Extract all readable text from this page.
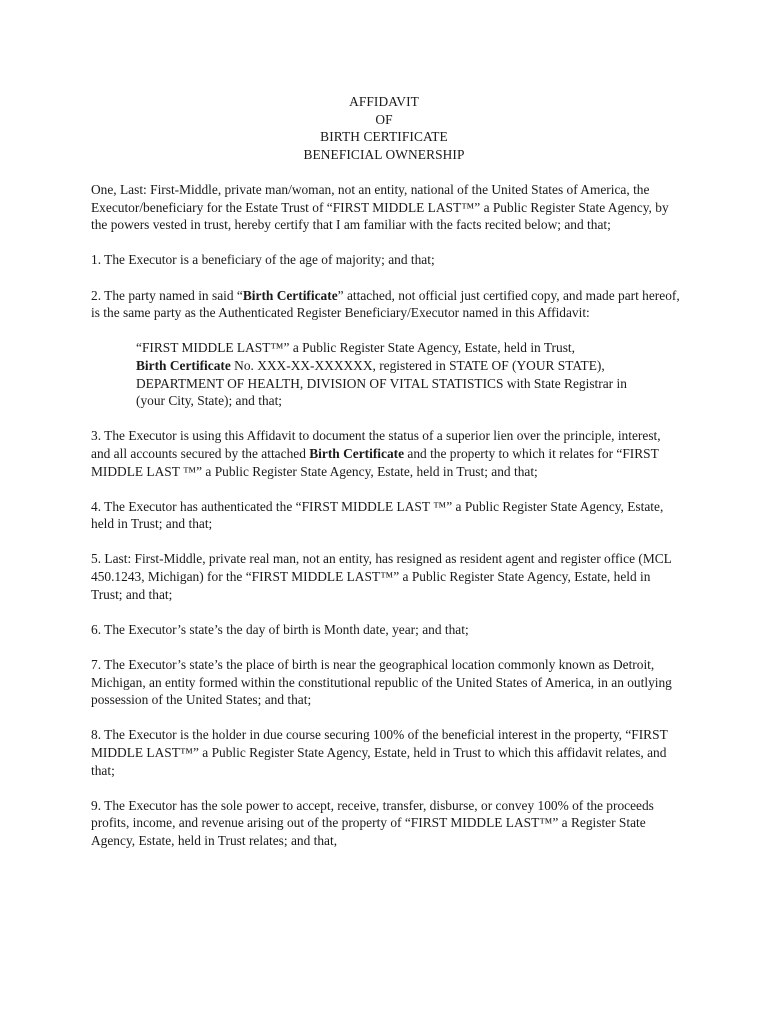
AFFIDAVIT
OF
BIRTH CERTIFICATE
BENEFICIAL OWNERSHIP

One, Last: First-Middle, private man/woman, not an entity, national of the United States of America, the Executor/beneficiary for the Estate Trust of “FIRST MIDDLE LAST™” a Public Register State Agency, by the powers vested in trust, hereby certify that I am familiar with the facts recited below; and that;

1. The Executor is a beneficiary of the age of majority; and that;

2. The party named in said “Birth Certificate” attached, not official just certified copy, and made part hereof, is the same party as the Authenticated Register Beneficiary/Executor named in this Affidavit:

“FIRST MIDDLE LAST™” a Public Register State Agency, Estate, held in Trust,
Birth Certificate No. XXX-XX-XXXXXX, registered in STATE OF (YOUR STATE), DEPARTMENT OF HEALTH, DIVISION OF VITAL STATISTICS with State Registrar in (your City, State); and that;

3. The Executor is using this Affidavit to document the status of a superior lien over the principle, interest, and all accounts secured by the attached Birth Certificate and the property to which it relates for “FIRST MIDDLE LAST ™” a Public Register State Agency, Estate, held in Trust; and that;

4. The Executor has authenticated the “FIRST MIDDLE LAST ™” a Public Register State Agency, Estate, held in Trust; and that;

5. Last: First-Middle, private real man, not an entity, has resigned as resident agent and register office (MCL 450.1243, Michigan) for the “FIRST MIDDLE LAST™” a Public Register State Agency, Estate, held in Trust; and that;

6. The Executor’s state’s the day of birth is Month date, year; and that;

7. The Executor’s state’s the place of birth is near the geographical location commonly known as Detroit, Michigan, an entity formed within the constitutional republic of the United States of America, in an outlying possession of the United States; and that;

8. The Executor is the holder in due course securing 100% of the beneficial interest in the property, “FIRST MIDDLE LAST™” a Public Register State Agency, Estate, held in Trust to which this affidavit relates, and that;

9. The Executor has the sole power to accept, receive, transfer, disburse, or convey 100% of the proceeds profits, income, and revenue arising out of the property of “FIRST MIDDLE LAST™” a Register State Agency, Estate, held in Trust relates; and that,
